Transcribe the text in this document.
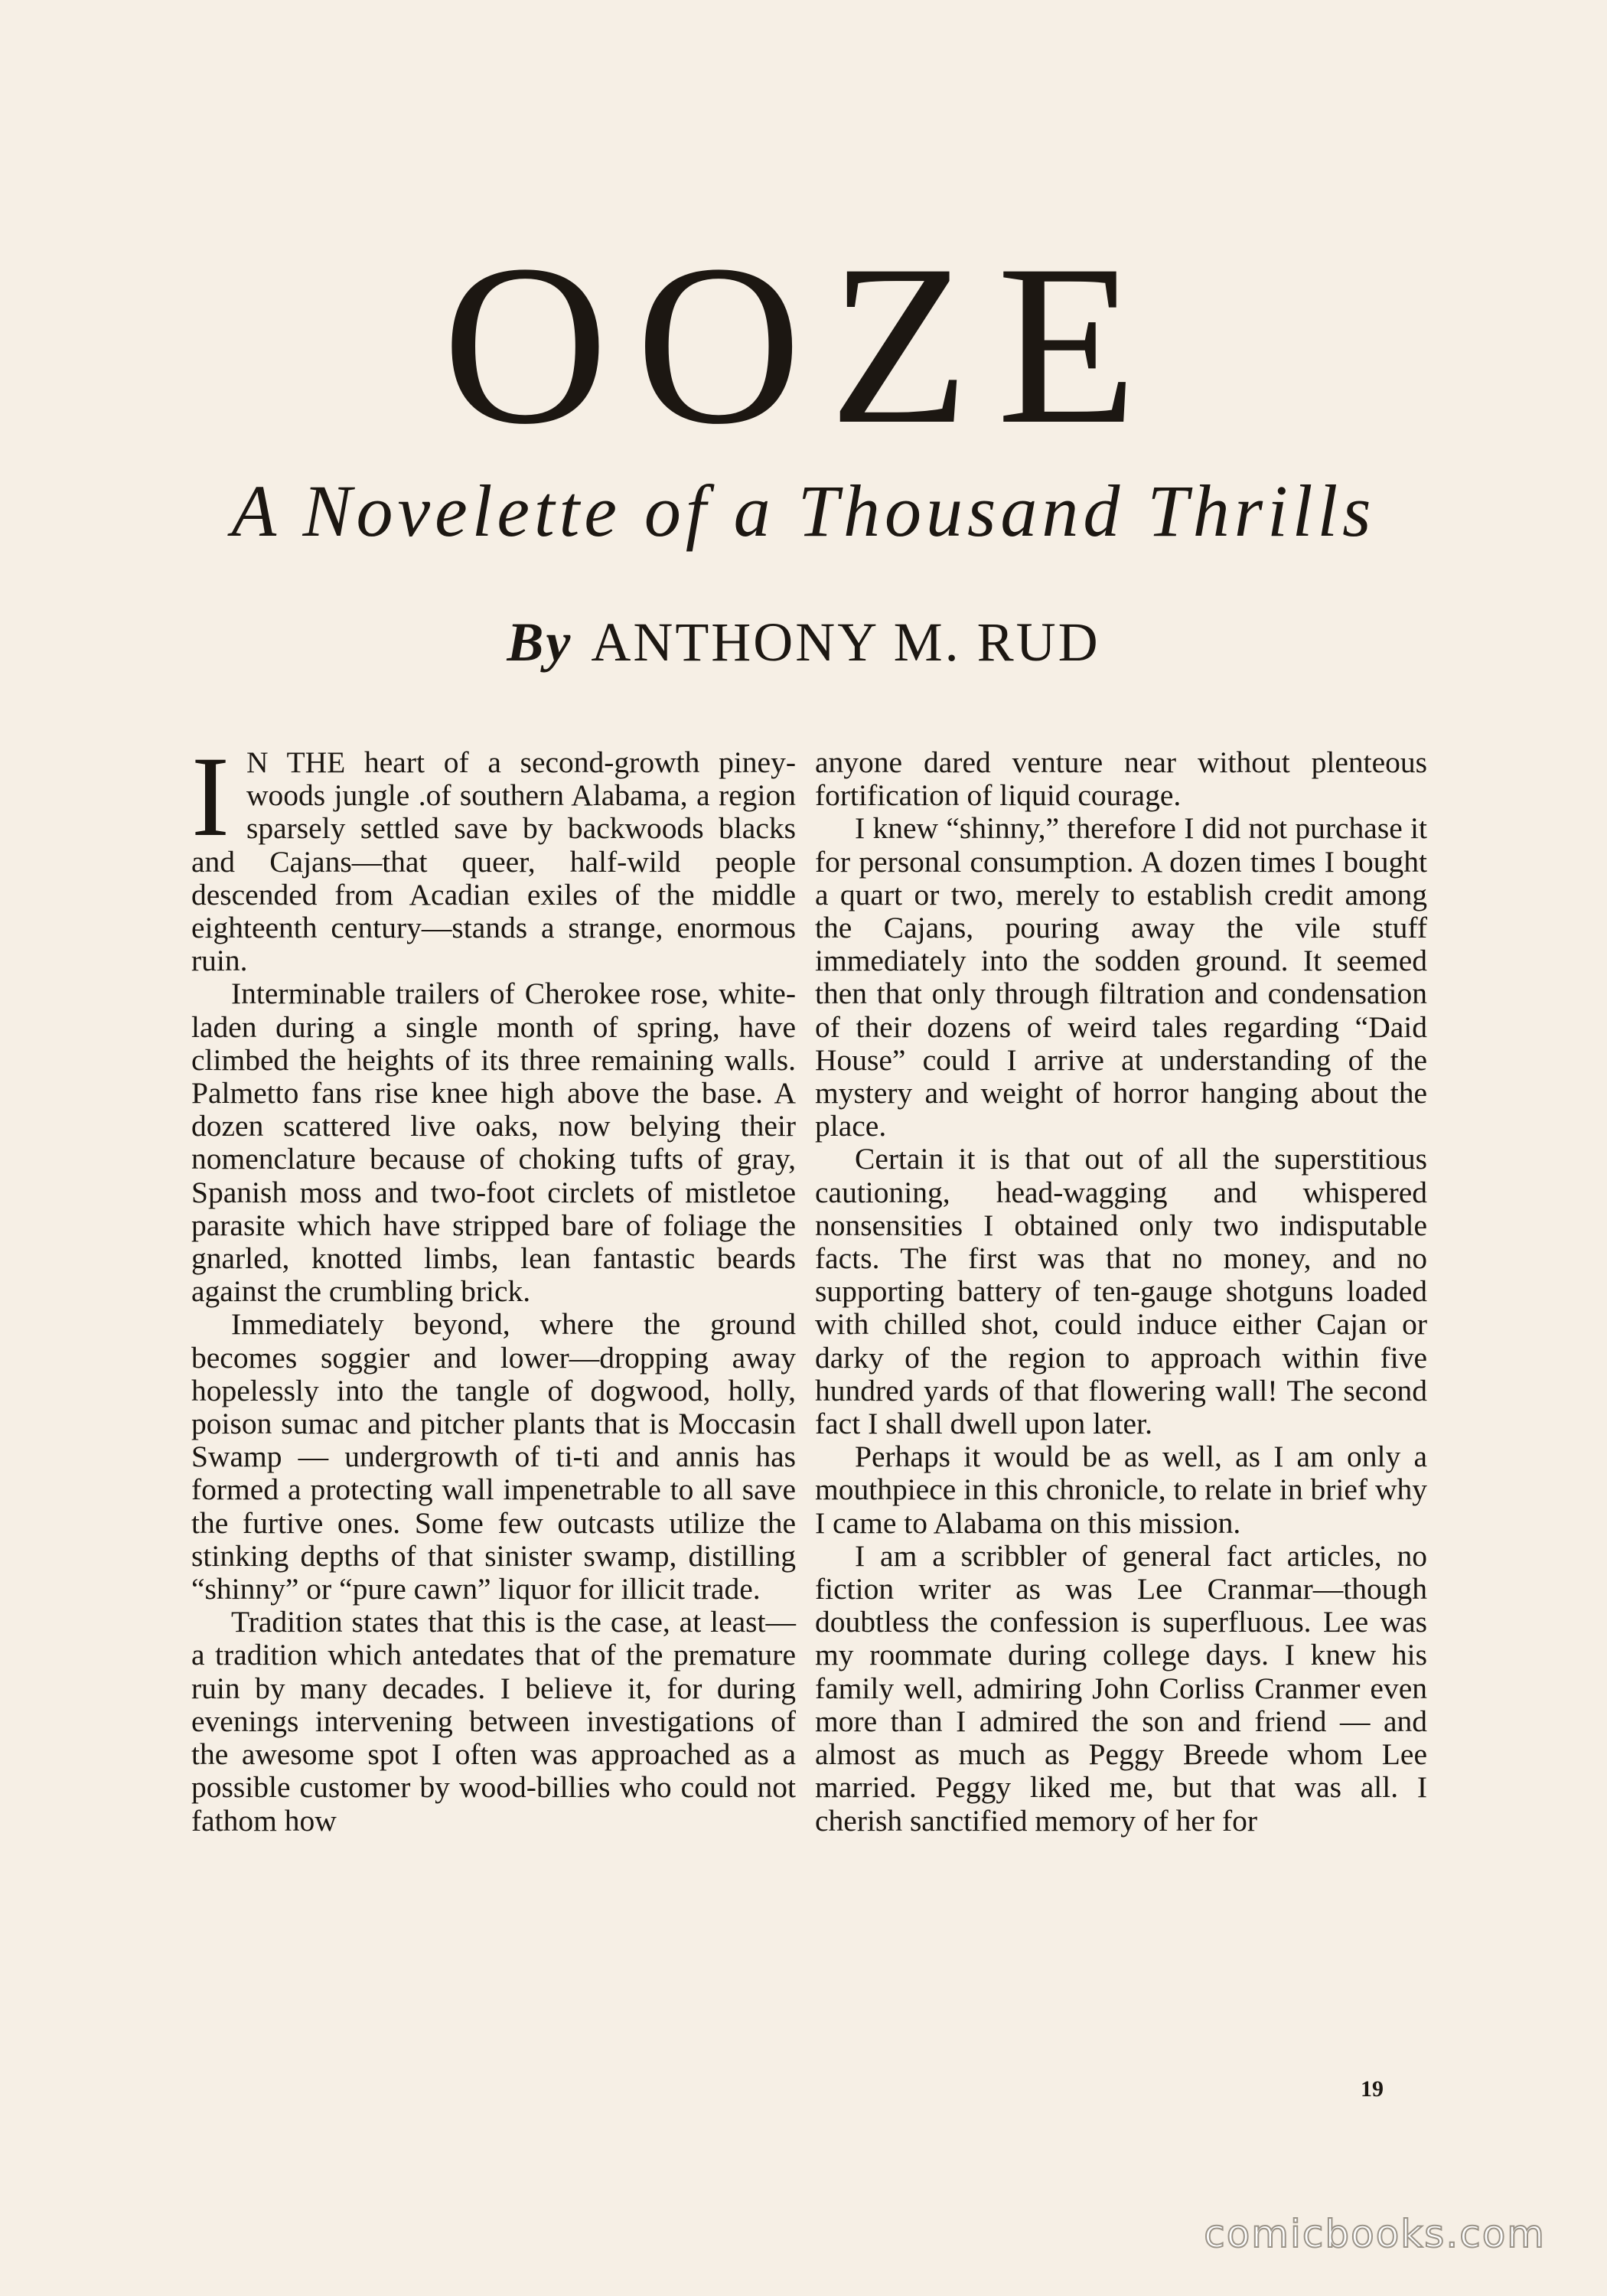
OOZE
A Novelette of a Thousand Thrills
By ANTHONY M. RUD

I N THE heart of a second-growth piney-woods jungle .of southern Alabama, a region sparsely settled save by backwoods blacks and Cajans—that queer, half-wild people descended from Acadian exiles of the middle eighteenth century—stands a strange, enormous ruin.

Interminable trailers of Cherokee rose, white-laden during a single month of spring, have climbed the heights of its three remaining walls. Palmetto fans rise knee high above the base. A dozen scattered live oaks, now belying their nomenclature because of choking tufts of gray, Spanish moss and two-foot circlets of mistletoe parasite which have stripped bare of foliage the gnarled, knotted limbs, lean fantastic beards against the crumbling brick.

Immediately beyond, where the ground becomes soggier and lower—dropping away hopelessly into the tangle of dogwood, holly, poison sumac and pitcher plants that is Moccasin Swamp — undergrowth of ti-ti and annis has formed a protecting wall impenetrable to all save the furtive ones. Some few outcasts utilize the stinking depths of that sinister swamp, distilling “shinny” or “pure cawn” liquor for illicit trade.

Tradition states that this is the case, at least—a tradition which antedates that of the premature ruin by many decades. I believe it, for during evenings intervening between investigations of the awesome spot I often was approached as a possible customer by wood-billies who could not fathom how

anyone dared venture near without plenteous fortification of liquid courage.

I knew “shinny,” therefore I did not purchase it for personal consumption. A dozen times I bought a quart or two, merely to establish credit among the Cajans, pouring away the vile stuff immediately into the sodden ground. It seemed then that only through filtration and condensation of their dozens of weird tales regarding “Daid House” could I arrive at understanding of the mystery and weight of horror hanging about the place.

Certain it is that out of all the superstitious cautioning, head-wagging and whispered nonsensities I obtained only two indisputable facts. The first was that no money, and no supporting battery of ten-gauge shotguns loaded with chilled shot, could induce either Cajan or darky of the region to approach within five hundred yards of that flowering wall! The second fact I shall dwell upon later.

Perhaps it would be as well, as I am only a mouthpiece in this chronicle, to relate in brief why I came to Alabama on this mission.

I am a scribbler of general fact articles, no fiction writer as was Lee Cranmar—though doubtless the confession is superfluous. Lee was my roommate during college days. I knew his family well, admiring John Corliss Cranmer even more than I admired the son and friend — and almost as much as Peggy Breede whom Lee married. Peggy liked me, but that was all. I cherish sanctified memory of her for

19
comicbooks.com
